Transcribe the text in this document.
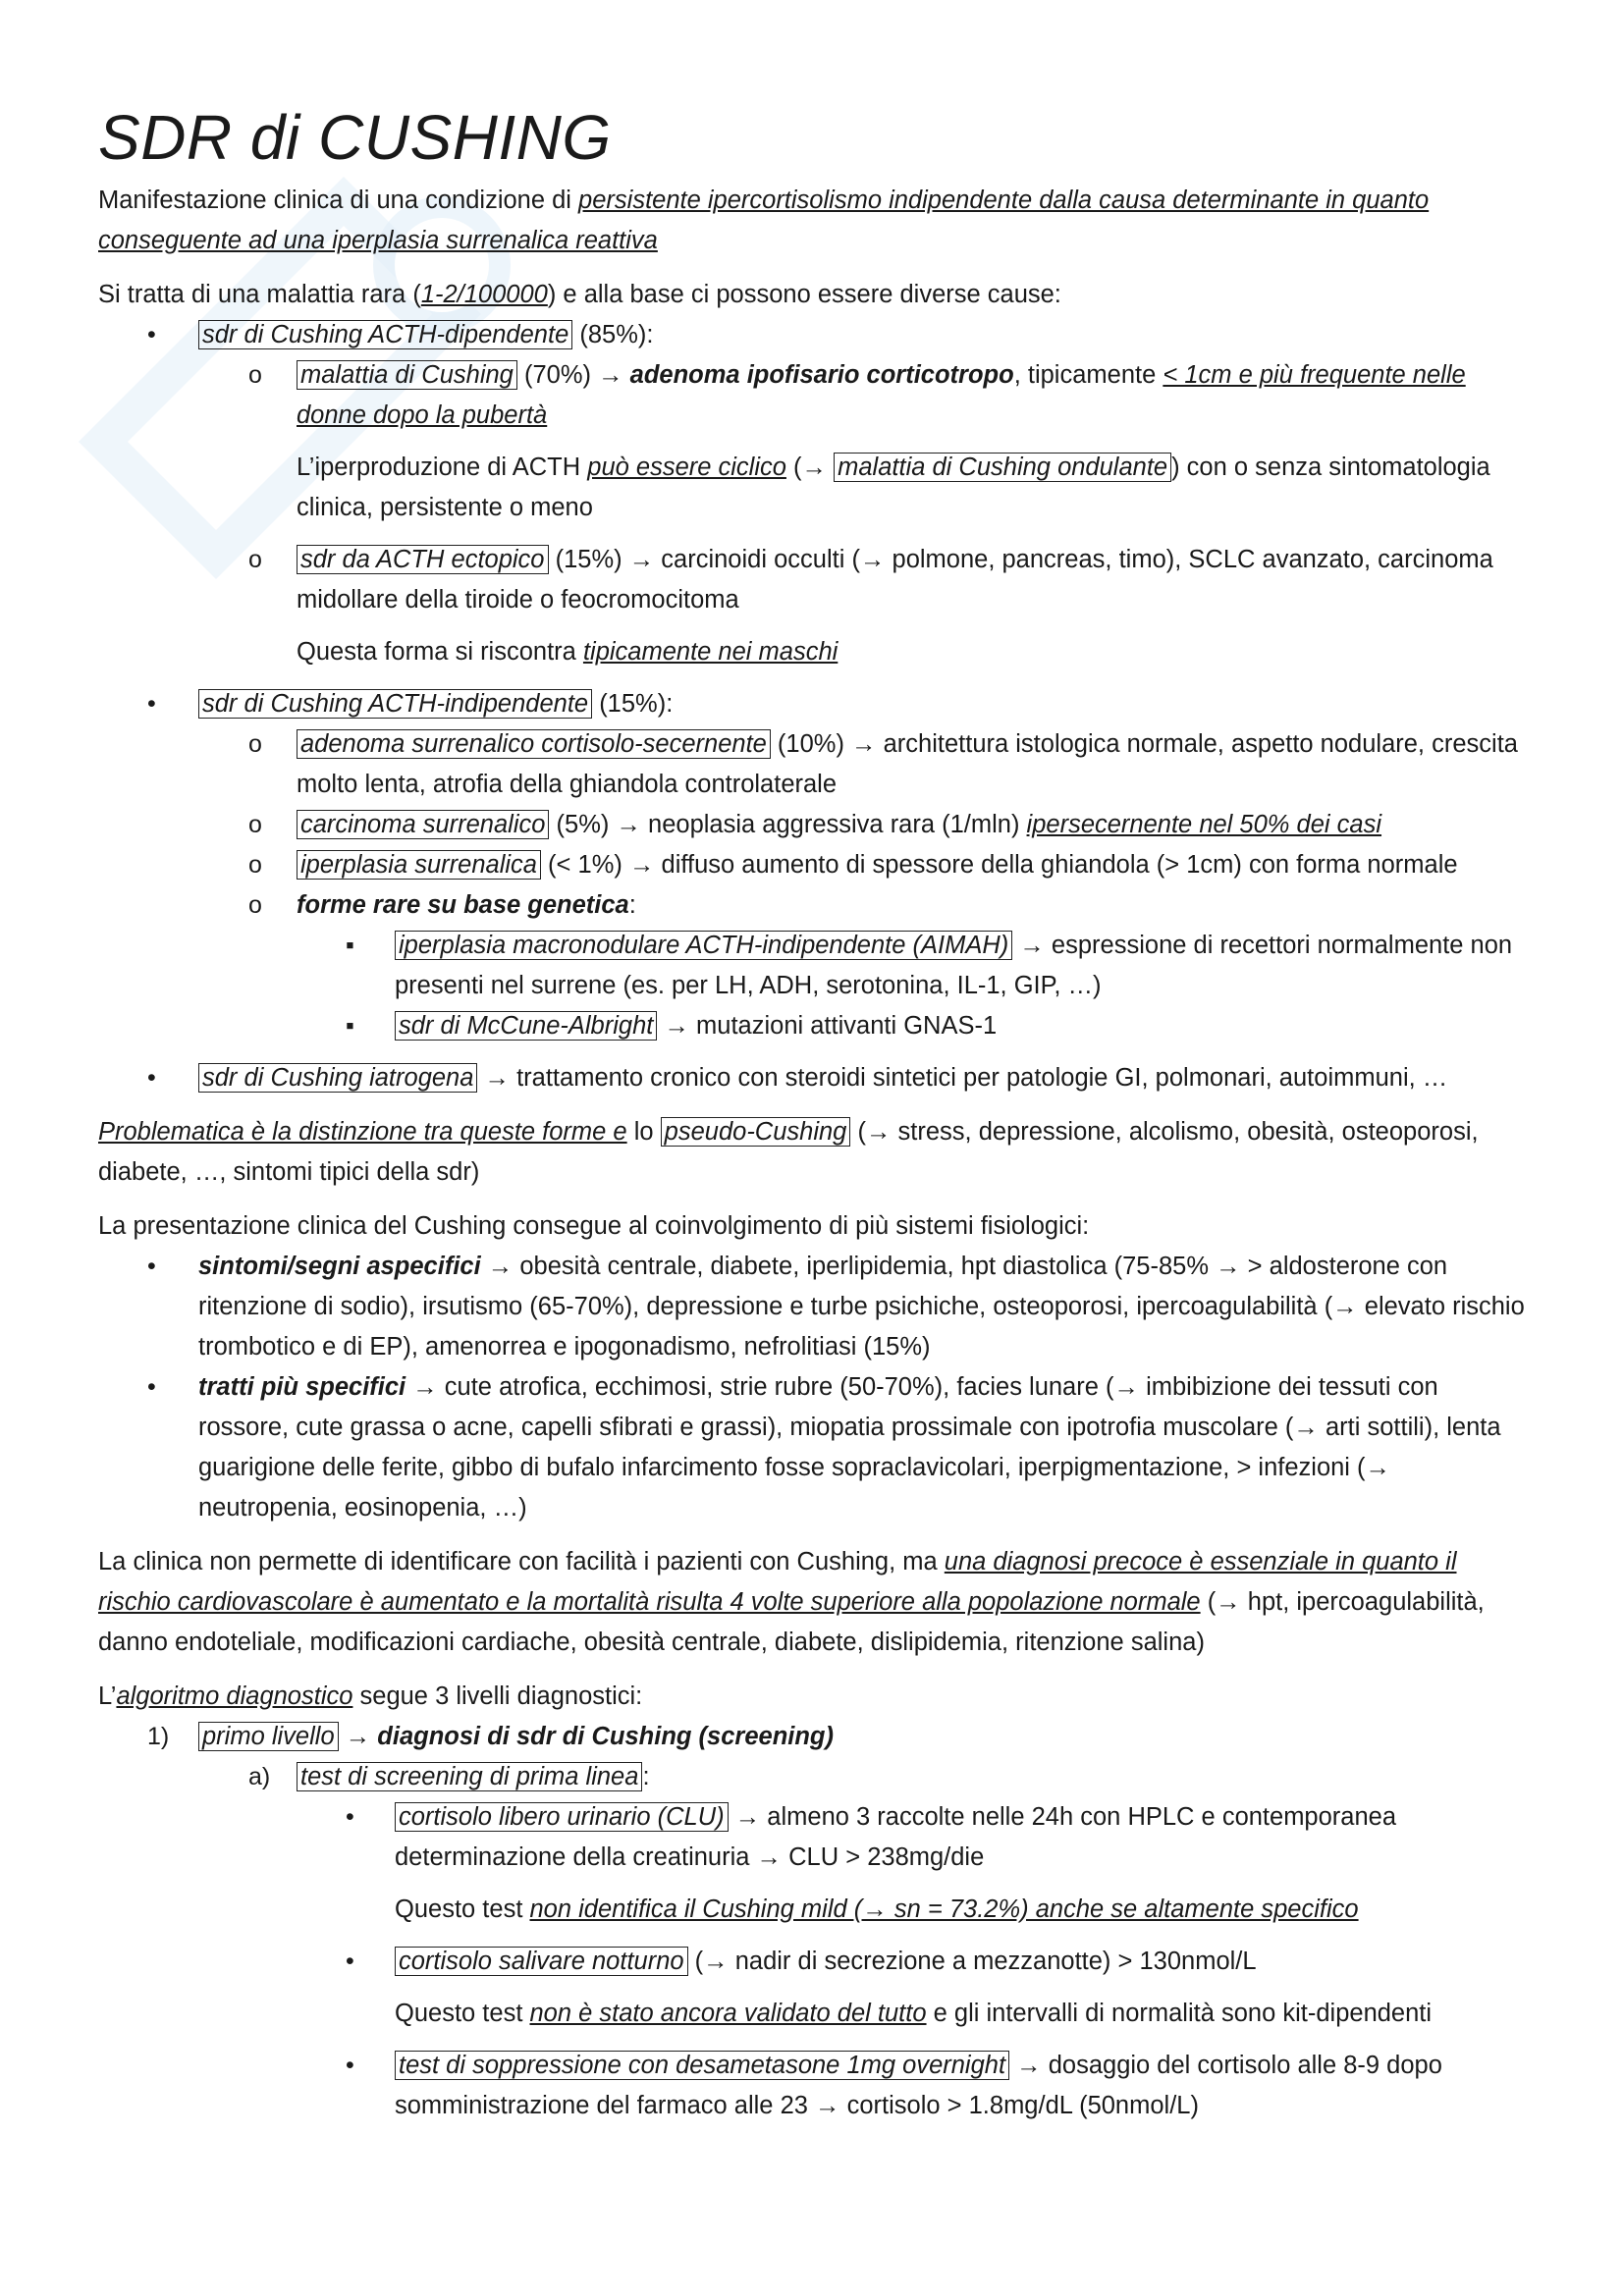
SDR di CUSHING

Manifestazione clinica di una condizione di persistente ipercortisolismo indipendente dalla causa determinante in quanto conseguente ad una iperplasia surrenalica reattiva

Si tratta di una malattia rara (1-2/100000) e alla base ci possono essere diverse cause:

• sdr di Cushing ACTH-dipendente (85%):
o malattia di Cushing (70%) → adenoma ipofisario corticotropo, tipicamente < 1cm e più frequente nelle donne dopo la pubertà
L’iperproduzione di ACTH può essere ciclico (→ malattia di Cushing ondulante ) con o senza sintomatologia clinica, persistente o meno
o sdr da ACTH ectopico (15%) → carcinoidi occulti (→ polmone, pancreas, timo), SCLC avanzato, carcinoma midollare della tiroide o feocromocitoma
Questa forma si riscontra tipicamente nei maschi
• sdr di Cushing ACTH-indipendente (15%):
o adenoma surrenalico cortisolo-secernente (10%) → architettura istologica normale, aspetto nodulare, crescita molto lenta, atrofia della ghiandola controlaterale
o carcinoma surrenalico (5%) → neoplasia aggressiva rara (1/mln) ipersecernente nel 50% dei casi
o iperplasia surrenalica (< 1%) → diffuso aumento di spessore della ghiandola (> 1cm) con forma normale
o forme rare su base genetica:
▪ iperplasia macronodulare ACTH-indipendente (AIMAH) → espressione di recettori normalmente non presenti nel surrene (es. per LH, ADH, serotonina, IL-1, GIP, …)
▪ sdr di McCune-Albright → mutazioni attivanti GNAS-1
• sdr di Cushing iatrogena → trattamento cronico con steroidi sintetici per patologie GI, polmonari, autoimmuni, …

Problematica è la distinzione tra queste forme e lo pseudo-Cushing (→ stress, depressione, alcolismo, obesità, osteoporosi, diabete, …, sintomi tipici della sdr)

La presentazione clinica del Cushing consegue al coinvolgimento di più sistemi fisiologici:

• sintomi/segni aspecifici → obesità centrale, diabete, iperlipidemia, hpt diastolica (75-85% → > aldosterone con ritenzione di sodio), irsutismo (65-70%), depressione e turbe psichiche, osteoporosi, ipercoagulabilità (→ elevato rischio trombotico e di EP), amenorrea e ipogonadismo, nefrolitiasi (15%)
• tratti più specifici → cute atrofica, ecchimosi, strie rubre (50-70%), facies lunare (→ imbibizione dei tessuti con rossore, cute grassa o acne, capelli sfibrati e grassi), miopatia prossimale con ipotrofia muscolare (→ arti sottili), lenta guarigione delle ferite, gibbo di bufalo infarcimento fosse sopraclavicolari, iperpigmentazione, > infezioni (→ neutropenia, eosinopenia, …)

La clinica non permette di identificare con facilità i pazienti con Cushing, ma una diagnosi precoce è essenziale in quanto il rischio cardiovascolare è aumentato e la mortalità risulta 4 volte superiore alla popolazione normale (→ hpt, ipercoagulabilità, danno endoteliale, modificazioni cardiache, obesità centrale, diabete, dislipidemia, ritenzione salina)

L’algoritmo diagnostico segue 3 livelli diagnostici:

1) primo livello → diagnosi di sdr di Cushing (screening)
a) test di screening di prima linea :
• cortisolo libero urinario (CLU) → almeno 3 raccolte nelle 24h con HPLC e contemporanea determinazione della creatinuria → CLU > 238mg/die
Questo test non identifica il Cushing mild (→ sn = 73.2%) anche se altamente specifico
• cortisolo salivare notturno (→ nadir di secrezione a mezzanotte) > 130nmol/L
Questo test non è stato ancora validato del tutto e gli intervalli di normalità sono kit-dipendenti
• test di soppressione con desametasone 1mg overnight → dosaggio del cortisolo alle 8-9 dopo somministrazione del farmaco alle 23 → cortisolo > 1.8mg/dL (50nmol/L)
